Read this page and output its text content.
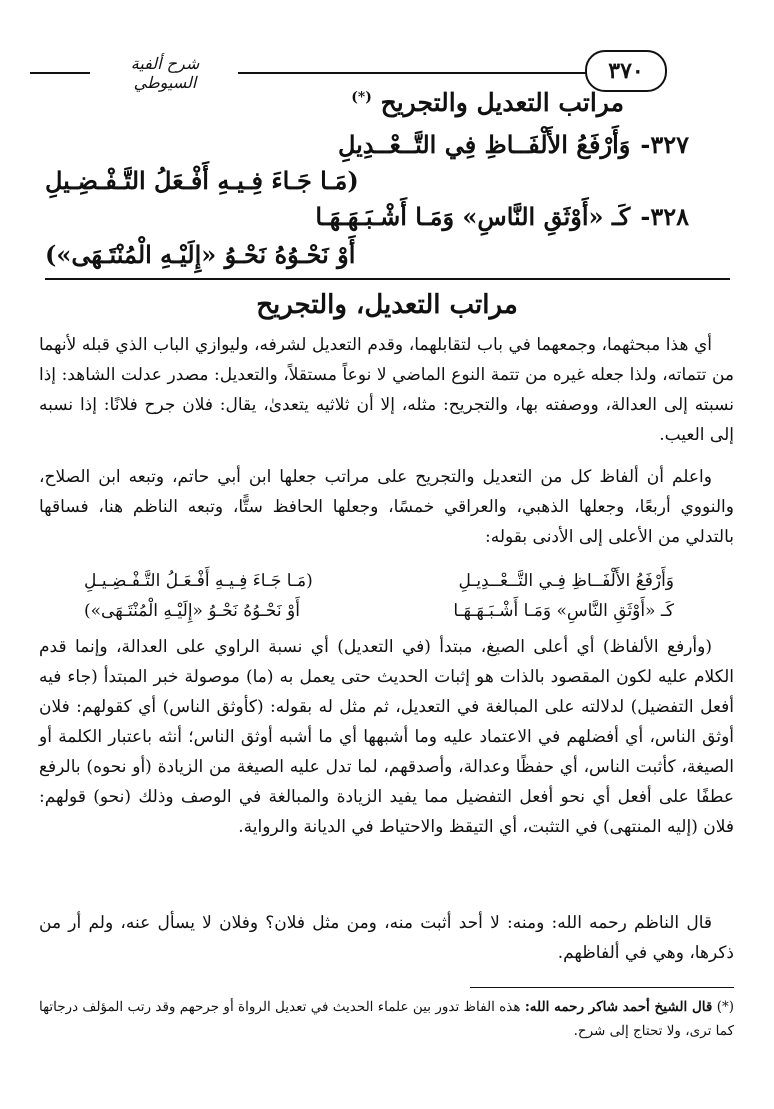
شرح ألفية السيوطي	٣٧٠
مراتب التعديل والتجريح (*)
٣٢٧-وَأَرْفَعُ الأَلْفَــاظِ فِي التَّــعْــدِيلِ
(مَـا جَـاءَ فِـيـهِ أَفْـعَلُ التَّـفْـضِـيلِ
٣٢٨-كَـ «أَوْثَقِ النَّاسِ» وَمَـا أَشْـبَـهَـهَـا
أَوْ نَحْـوُهُ نَحْـوُ «إِلَيْـهِ الْمُنْتَـهَى»)
مراتب التعديل، والتجريح
أي هذا مبحثهما، وجمعهما في باب لتقابلهما، وقدم التعديل لشرفه، وليوازي الباب الذي قبله لأنهما من تتماته، ولذا جعله غيره من تتمة النوع الماضي لا نوعاً مستقلاً، والتعديل: مصدر عدلت الشاهد: إذا نسبته إلى العدالة، ووصفته بها، والتجريح: مثله، إلا أن ثلاثيه يتعدىٰ، يقال: فلان جرح فلانًا: إذا نسبه إلى العيب.
واعلم أن ألفاظ كل من التعديل والتجريح على مراتب جعلها ابن أبي حاتم، وتبعه ابن الصلاح، والنووي أربعًا، وجعلها الذهبي، والعراقي خمسًا، وجعلها الحافظ ستًّا، وتبعه الناظم هنا، فساقها بالتدلي من الأعلى إلى الأدنى بقوله:
وَأَرْفَعُ الأَلْفَــاظِ فِـي التَّــعْــدِيـلِ
(مَـا جَـاءَ فِـيـهِ أَفْـعَـلُ التَّـفْـضِـيـلِ
كَـ «أَوْثَقِ النَّاسِ» وَمَـا أَشْـبَـهَـهَـا
أَوْ نَحْـوُهُ نَحْـوُ «إِلَيْـهِ الْمُنْتَـهَى»)
(وأرفع الألفاظ) أي أعلى الصيغ، مبتدأ (في التعديل) أي نسبة الراوي على العدالة، وإنما قدم الكلام عليه لكون المقصود بالذات هو إثبات الحديث حتى يعمل به (ما) موصولة خبر المبتدأ (جاء فيه أفعل التفضيل) لدلالته على المبالغة في التعديل، ثم مثل له بقوله: (كأوثق الناس) أي كقولهم: فلان أوثق الناس، أي أفضلهم في الاعتماد عليه وما أشبهها أي ما أشبه أوثق الناس؛ أنثه باعتبار الكلمة أو الصيغة، كأثبت الناس، أي حفظًا وعدالة، وأصدقهم، لما تدل عليه الصيغة من الزيادة (أو نحوه) بالرفع عطفًا على أفعل أي نحو أفعل التفضيل مما يفيد الزيادة والمبالغة في الوصف وذلك (نحو) قولهم: فلان (إليه المنتهى) في التثبت، أي التيقظ والاحتياط في الديانة والرواية.
قال الناظم رحمه الله: ومنه: لا أحد أثبت منه، ومن مثل فلان؟ وفلان لا يسأل عنه، ولم أر من ذكرها، وهي في ألفاظهم.
(*) قال الشيخ أحمد شاكر رحمه الله: هذه الفاظ تدور بين علماء الحديث في تعديل الرواة أو جرحهم وقد رتب المؤلف درجاتها كما ترى، ولا تحتاج إلى شرح.
